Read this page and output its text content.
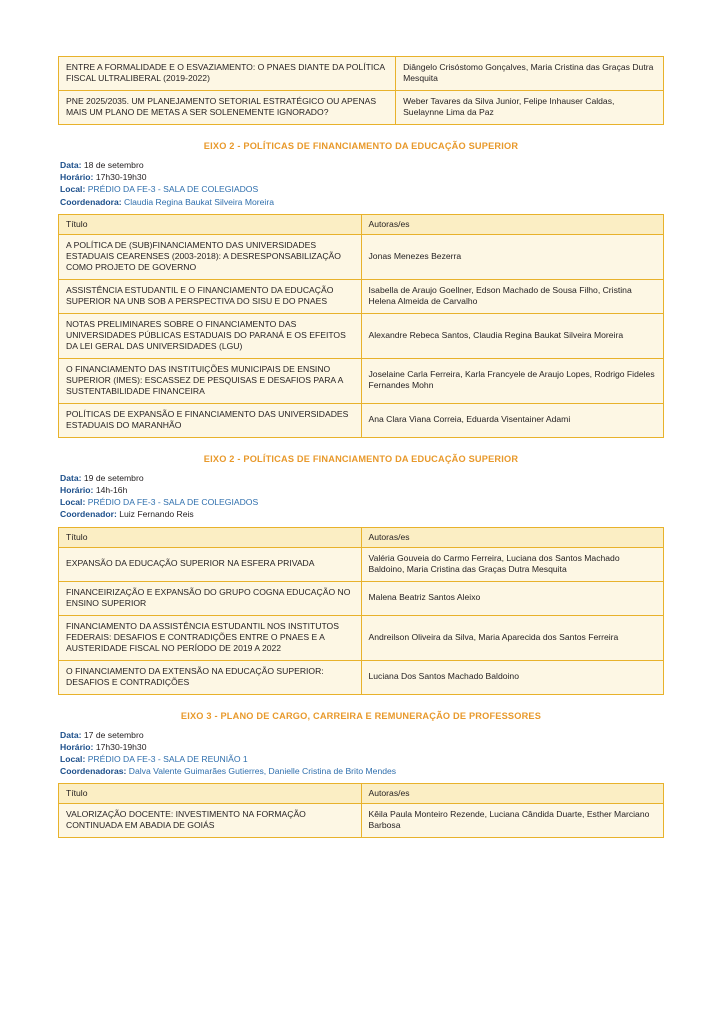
ENTRE A FORMALIDADE E O ESVAZIAMENTO: O PNAES DIANTE DA POLÍTICA FISCAL ULTRALIBERAL (2019-2022)	Diângelo Crisóstomo Gonçalves, Maria Cristina das Graças Dutra Mesquita

PNE 2025/2035. UM PLANEJAMENTO SETORIAL ESTRATÉGICO OU APENAS MAIS UM PLANO DE METAS A SER SOLENEMENTE IGNORADO?	Weber Tavares da Silva Junior, Felipe Inhauser Caldas, Suelaynne Lima da Paz
EIXO 2 - POLÍTICAS DE FINANCIAMENTO DA EDUCAÇÃO SUPERIOR
Data: 18 de setembro
Horário: 17h30-19h30
Local: PRÉDIO DA FE-3 - SALA DE COLEGIADOS
Coordenadora: Claudia Regina Baukat Silveira Moreira
Título	Autoras/es

A POLÍTICA DE (SUB)FINANCIAMENTO DAS UNIVERSIDADES ESTADUAIS CEARENSES (2003-2018): A DESRESPONSABILIZAÇÃO COMO PROJETO DE GOVERNO	Jonas Menezes Bezerra

ASSISTÊNCIA ESTUDANTIL E O FINANCIAMENTO DA EDUCAÇÃO SUPERIOR NA UNB SOB A PERSPECTIVA DO SISU E DO PNAES	Isabella de Araujo Goellner, Edson Machado de Sousa Filho, Cristina Helena Almeida de Carvalho

NOTAS PRELIMINARES SOBRE O FINANCIAMENTO DAS UNIVERSIDADES PÚBLICAS ESTADUAIS DO PARANÁ E OS EFEITOS DA LEI GERAL DAS UNIVERSIDADES (LGU)	Alexandre Rebeca Santos, Claudia Regina Baukat Silveira Moreira

O FINANCIAMENTO DAS INSTITUIÇÕES MUNICIPAIS DE ENSINO SUPERIOR (IMES): ESCASSEZ DE PESQUISAS E DESAFIOS PARA A SUSTENTABILIDADE FINANCEIRA	Joselaine Carla Ferreira, Karla Francyele de Araujo Lopes, Rodrigo Fideles Fernandes Mohn

POLÍTICAS DE EXPANSÃO E FINANCIAMENTO DAS UNIVERSIDADES ESTADUAIS DO MARANHÃO	Ana Clara Viana Correia, Eduarda Visentainer Adami
EIXO 2 - POLÍTICAS DE FINANCIAMENTO DA EDUCAÇÃO SUPERIOR
Data: 19 de setembro
Horário: 14h-16h
Local: PRÉDIO DA FE-3 - SALA DE COLEGIADOS
Coordenador: Luiz Fernando Reis
Título	Autoras/es

EXPANSÃO DA EDUCAÇÃO SUPERIOR NA ESFERA PRIVADA	Valéria Gouveia do Carmo Ferreira, Luciana dos Santos Machado Baldoino, Maria Cristina das Graças Dutra Mesquita

FINANCEIRIZAÇÃO E EXPANSÃO DO GRUPO COGNA EDUCAÇÃO NO ENSINO SUPERIOR	Malena Beatriz Santos Aleixo

FINANCIAMENTO DA ASSISTÊNCIA ESTUDANTIL NOS INSTITUTOS FEDERAIS: DESAFIOS E CONTRADIÇÕES ENTRE O PNAES E A AUSTERIDADE FISCAL NO PERÍODO DE 2019 A 2022	Andreilson Oliveira da Silva, Maria Aparecida dos Santos Ferreira

O FINANCIAMENTO DA EXTENSÃO NA EDUCAÇÃO SUPERIOR: DESAFIOS E CONTRADIÇÕES	Luciana Dos Santos Machado Baldoino
EIXO 3 - PLANO DE CARGO, CARREIRA E REMUNERAÇÃO DE PROFESSORES
Data: 17 de setembro
Horário: 17h30-19h30
Local: PRÉDIO DA FE-3 - SALA DE REUNIÃO 1
Coordenadoras: Dalva Valente Guimarães Gutierres, Danielle Cristina de Brito Mendes
Título	Autoras/es

VALORIZAÇÃO DOCENTE: INVESTIMENTO NA FORMAÇÃO CONTINUADA EM ABADIA DE GOIÁS	Kêila Paula Monteiro Rezende, Luciana Cândida Duarte, Esther Marciano Barbosa
